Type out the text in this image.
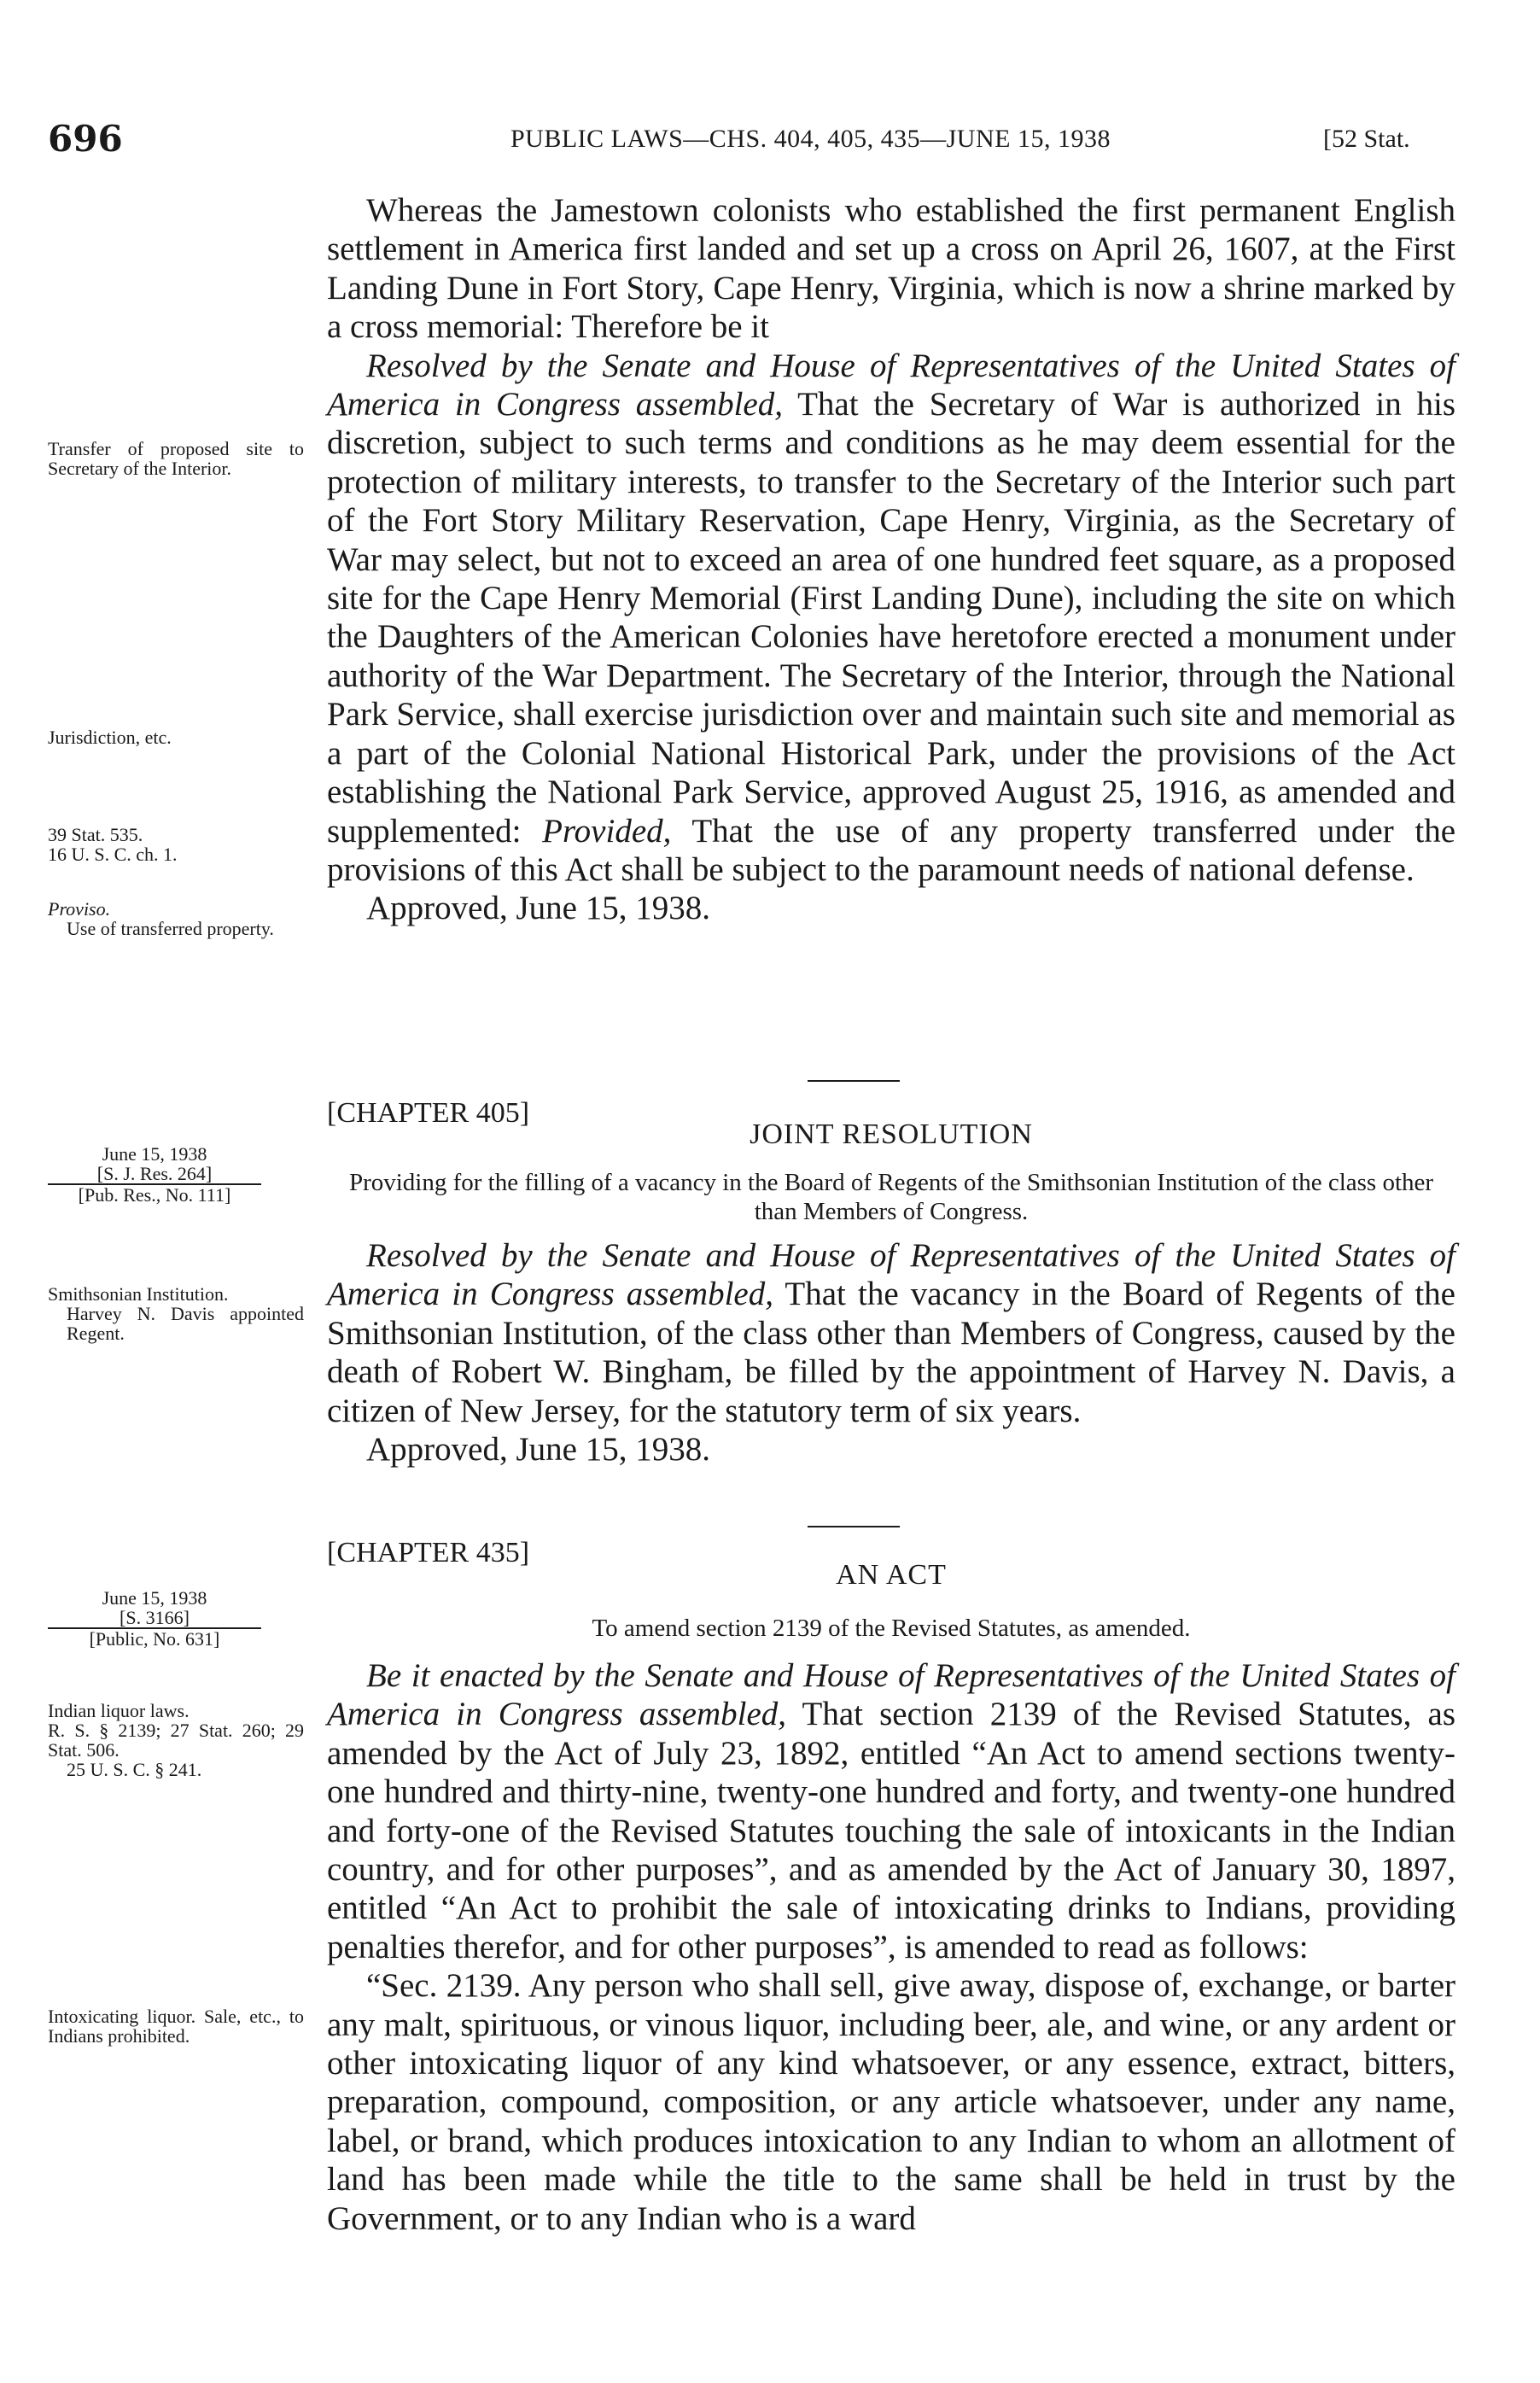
696	PUBLIC LAWS—CHS. 404, 405, 435—JUNE 15, 1938	[52 Stat.

Whereas the Jamestown colonists who established the first permanent English settlement in America first landed and set up a cross on April 26, 1607, at the First Landing Dune in Fort Story, Cape Henry, Virginia, which is now a shrine marked by a cross memorial: Therefore be it

Resolved by the Senate and House of Representatives of the United States of America in Congress assembled, That the Secretary of War is authorized in his discretion, subject to such terms and conditions as he may deem essential for the protection of military interests, to transfer to the Secretary of the Interior such part of the Fort Story Military Reservation, Cape Henry, Virginia, as the Secretary of War may select, but not to exceed an area of one hundred feet square, as a proposed site for the Cape Henry Memorial (First Landing Dune), including the site on which the Daughters of the American Colonies have heretofore erected a monument under authority of the War Department. The Secretary of the Interior, through the National Park Service, shall exercise jurisdiction over and maintain such site and memorial as a part of the Colonial National Historical Park, under the provisions of the Act establishing the National Park Service, approved August 25, 1916, as amended and supplemented: Provided, That the use of any property transferred under the provisions of this Act shall be subject to the paramount needs of national defense.

Approved, June 15, 1938.

[CHAPTER 405]
JOINT RESOLUTION
Providing for the filling of a vacancy in the Board of Regents of the Smithsonian Institution of the class other than Members of Congress.

Resolved by the Senate and House of Representatives of the United States of America in Congress assembled, That the vacancy in the Board of Regents of the Smithsonian Institution, of the class other than Members of Congress, caused by the death of Robert W. Bingham, be filled by the appointment of Harvey N. Davis, a citizen of New Jersey, for the statutory term of six years.

Approved, June 15, 1938.

[CHAPTER 435]
AN ACT
To amend section 2139 of the Revised Statutes, as amended.

Be it enacted by the Senate and House of Representatives of the United States of America in Congress assembled, That section 2139 of the Revised Statutes, as amended by the Act of July 23, 1892, entitled “An Act to amend sections twenty-one hundred and thirty-nine, twenty-one hundred and forty, and twenty-one hundred and forty-one of the Revised Statutes touching the sale of intoxicants in the Indian country, and for other purposes”, and as amended by the Act of January 30, 1897, entitled “An Act to prohibit the sale of intoxicating drinks to Indians, providing penalties therefor, and for other purposes”, is amended to read as follows:

“Sec. 2139. Any person who shall sell, give away, dispose of, exchange, or barter any malt, spirituous, or vinous liquor, including beer, ale, and wine, or any ardent or other intoxicating liquor of any kind whatsoever, or any essence, extract, bitters, preparation, compound, composition, or any article whatsoever, under any name, label, or brand, which produces intoxication to any Indian to whom an allotment of land has been made while the title to the same shall be held in trust by the Government, or to any Indian who is a ward

Transfer of proposed site to Secretary of the Interior.
Jurisdiction, etc.
39 Stat. 535.
16 U. S. C. ch. 1.
Proviso.
Use of transferred property.
June 15, 1938
[S. J. Res. 264]
[Pub. Res., No. 111]
Smithsonian Institution.
Harvey N. Davis appointed Regent.
June 15, 1938
[S. 3166]
[Public, No. 631]
Indian liquor laws.
R. S. § 2139; 27 Stat. 260; 29 Stat. 506.
25 U. S. C. § 241.
Intoxicating liquor. Sale, etc., to Indians prohibited.
